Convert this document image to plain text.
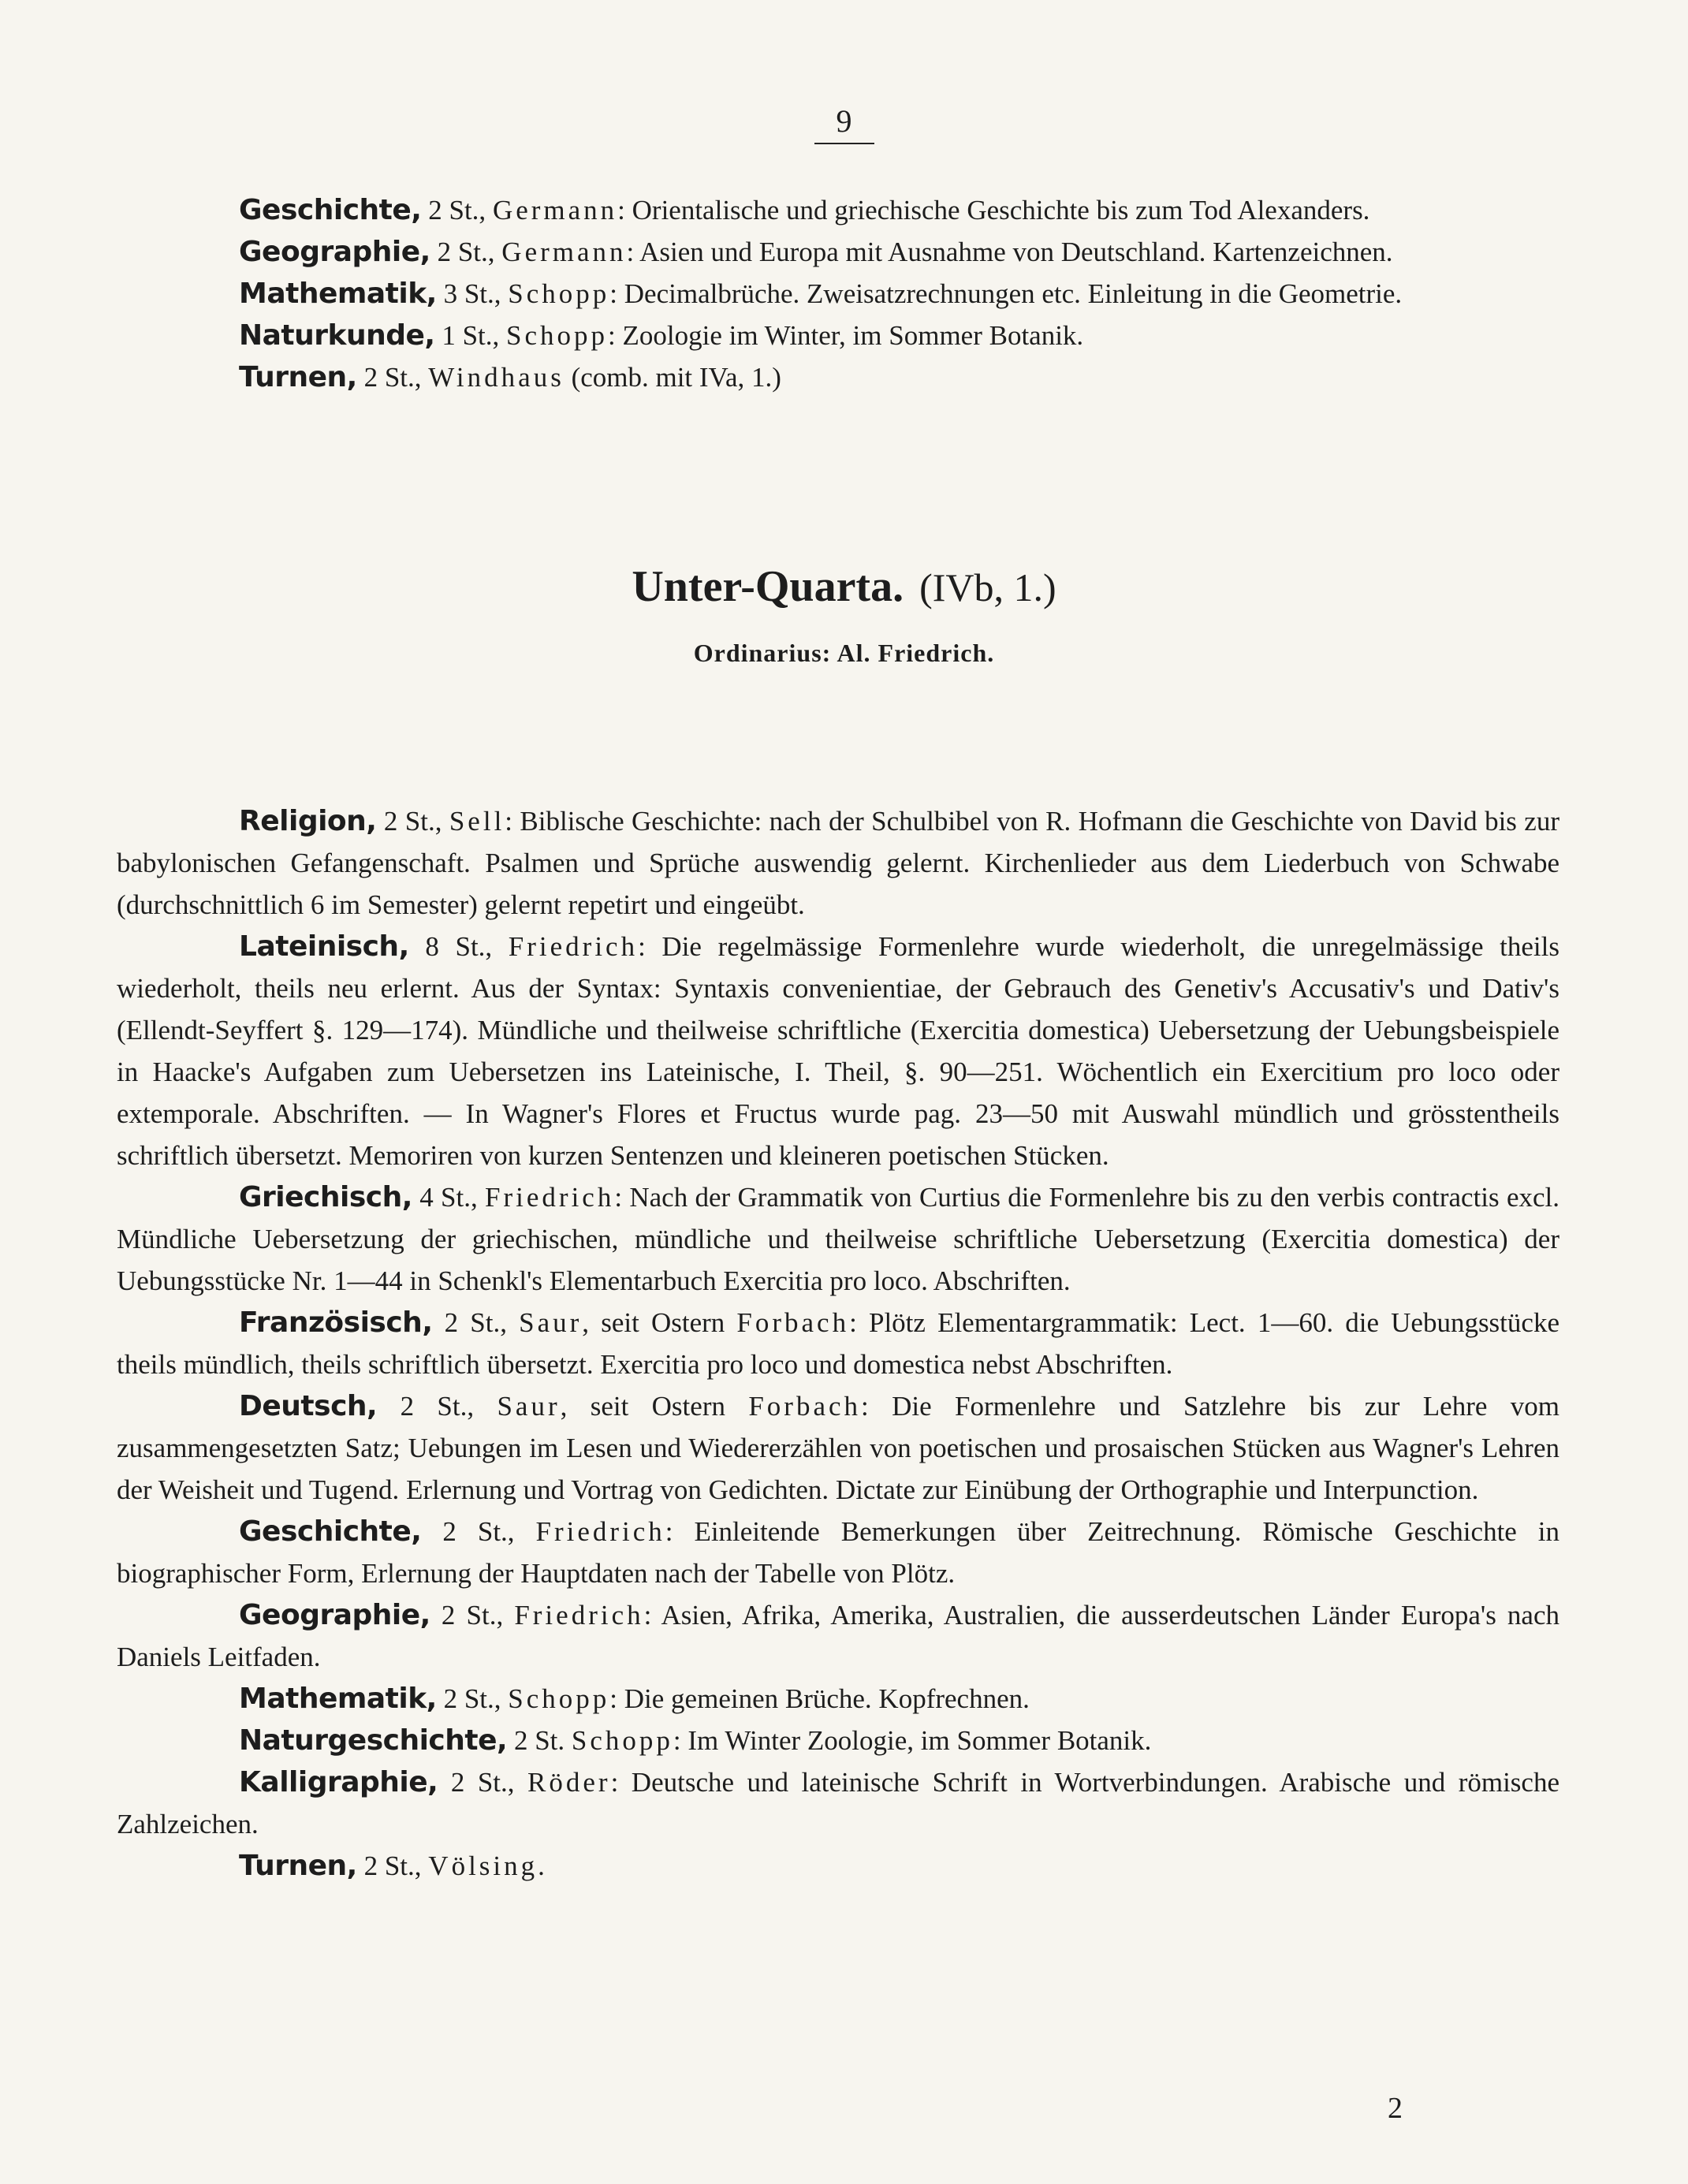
9

Geschichte, 2 St., Germann: Orientalische und griechische Geschichte bis zum Tod Alexanders.

Geographie, 2 St., Germann: Asien und Europa mit Ausnahme von Deutschland. Kartenzeichnen.

Mathematik, 3 St., Schopp: Decimalbrüche. Zweisatzrechnungen etc. Einleitung in die Geometrie.

Naturkunde, 1 St., Schopp: Zoologie im Winter, im Sommer Botanik.

Turnen, 2 St., Windhaus (comb. mit IVa, 1.)

Unter-Quarta. (IVb, 1.)
Ordinarius: Al. Friedrich.

Religion, 2 St., Sell: Biblische Geschichte: nach der Schulbibel von R. Hofmann die Geschichte von David bis zur babylonischen Gefangenschaft. Psalmen und Sprüche auswendig gelernt. Kirchenlieder aus dem Liederbuch von Schwabe (durchschnittlich 6 im Semester) gelernt repetirt und eingeübt.

Lateinisch, 8 St., Friedrich: Die regelmässige Formenlehre wurde wiederholt, die unregelmässige theils wiederholt, theils neu erlernt. Aus der Syntax: Syntaxis convenientiae, der Gebrauch des Genetiv's Accusativ's und Dativ's (Ellendt-Seyffert §. 129—174). Mündliche und theilweise schriftliche (Exercitia domestica) Uebersetzung der Uebungsbeispiele in Haacke's Aufgaben zum Uebersetzen ins Lateinische, I. Theil, §. 90—251. Wöchentlich ein Exercitium pro loco oder extemporale. Abschriften. — In Wagner's Flores et Fructus wurde pag. 23—50 mit Auswahl mündlich und grösstentheils schriftlich übersetzt. Memoriren von kurzen Sentenzen und kleineren poetischen Stücken.

Griechisch, 4 St., Friedrich: Nach der Grammatik von Curtius die Formenlehre bis zu den verbis contractis excl. Mündliche Uebersetzung der griechischen, mündliche und theilweise schriftliche Uebersetzung (Exercitia domestica) der Uebungsstücke Nr. 1—44 in Schenkl's Elementarbuch Exercitia pro loco. Abschriften.

Französisch, 2 St., Saur, seit Ostern Forbach: Plötz Elementargrammatik: Lect. 1—60. die Uebungsstücke theils mündlich, theils schriftlich übersetzt. Exercitia pro loco und domestica nebst Abschriften.

Deutsch, 2 St., Saur, seit Ostern Forbach: Die Formenlehre und Satzlehre bis zur Lehre vom zusammengesetzten Satz; Uebungen im Lesen und Wiedererzählen von poetischen und prosaischen Stücken aus Wagner's Lehren der Weisheit und Tugend. Erlernung und Vortrag von Gedichten. Dictate zur Einübung der Orthographie und Interpunction.

Geschichte, 2 St., Friedrich: Einleitende Bemerkungen über Zeitrechnung. Römische Geschichte in biographischer Form, Erlernung der Hauptdaten nach der Tabelle von Plötz.

Geographie, 2 St., Friedrich: Asien, Afrika, Amerika, Australien, die ausserdeutschen Länder Europa's nach Daniels Leitfaden.

Mathematik, 2 St., Schopp: Die gemeinen Brüche. Kopfrechnen.

Naturgeschichte, 2 St. Schopp: Im Winter Zoologie, im Sommer Botanik.

Kalligraphie, 2 St., Röder: Deutsche und lateinische Schrift in Wortverbindungen. Arabische und römische Zahlzeichen.

Turnen, 2 St., Völsing.

2
